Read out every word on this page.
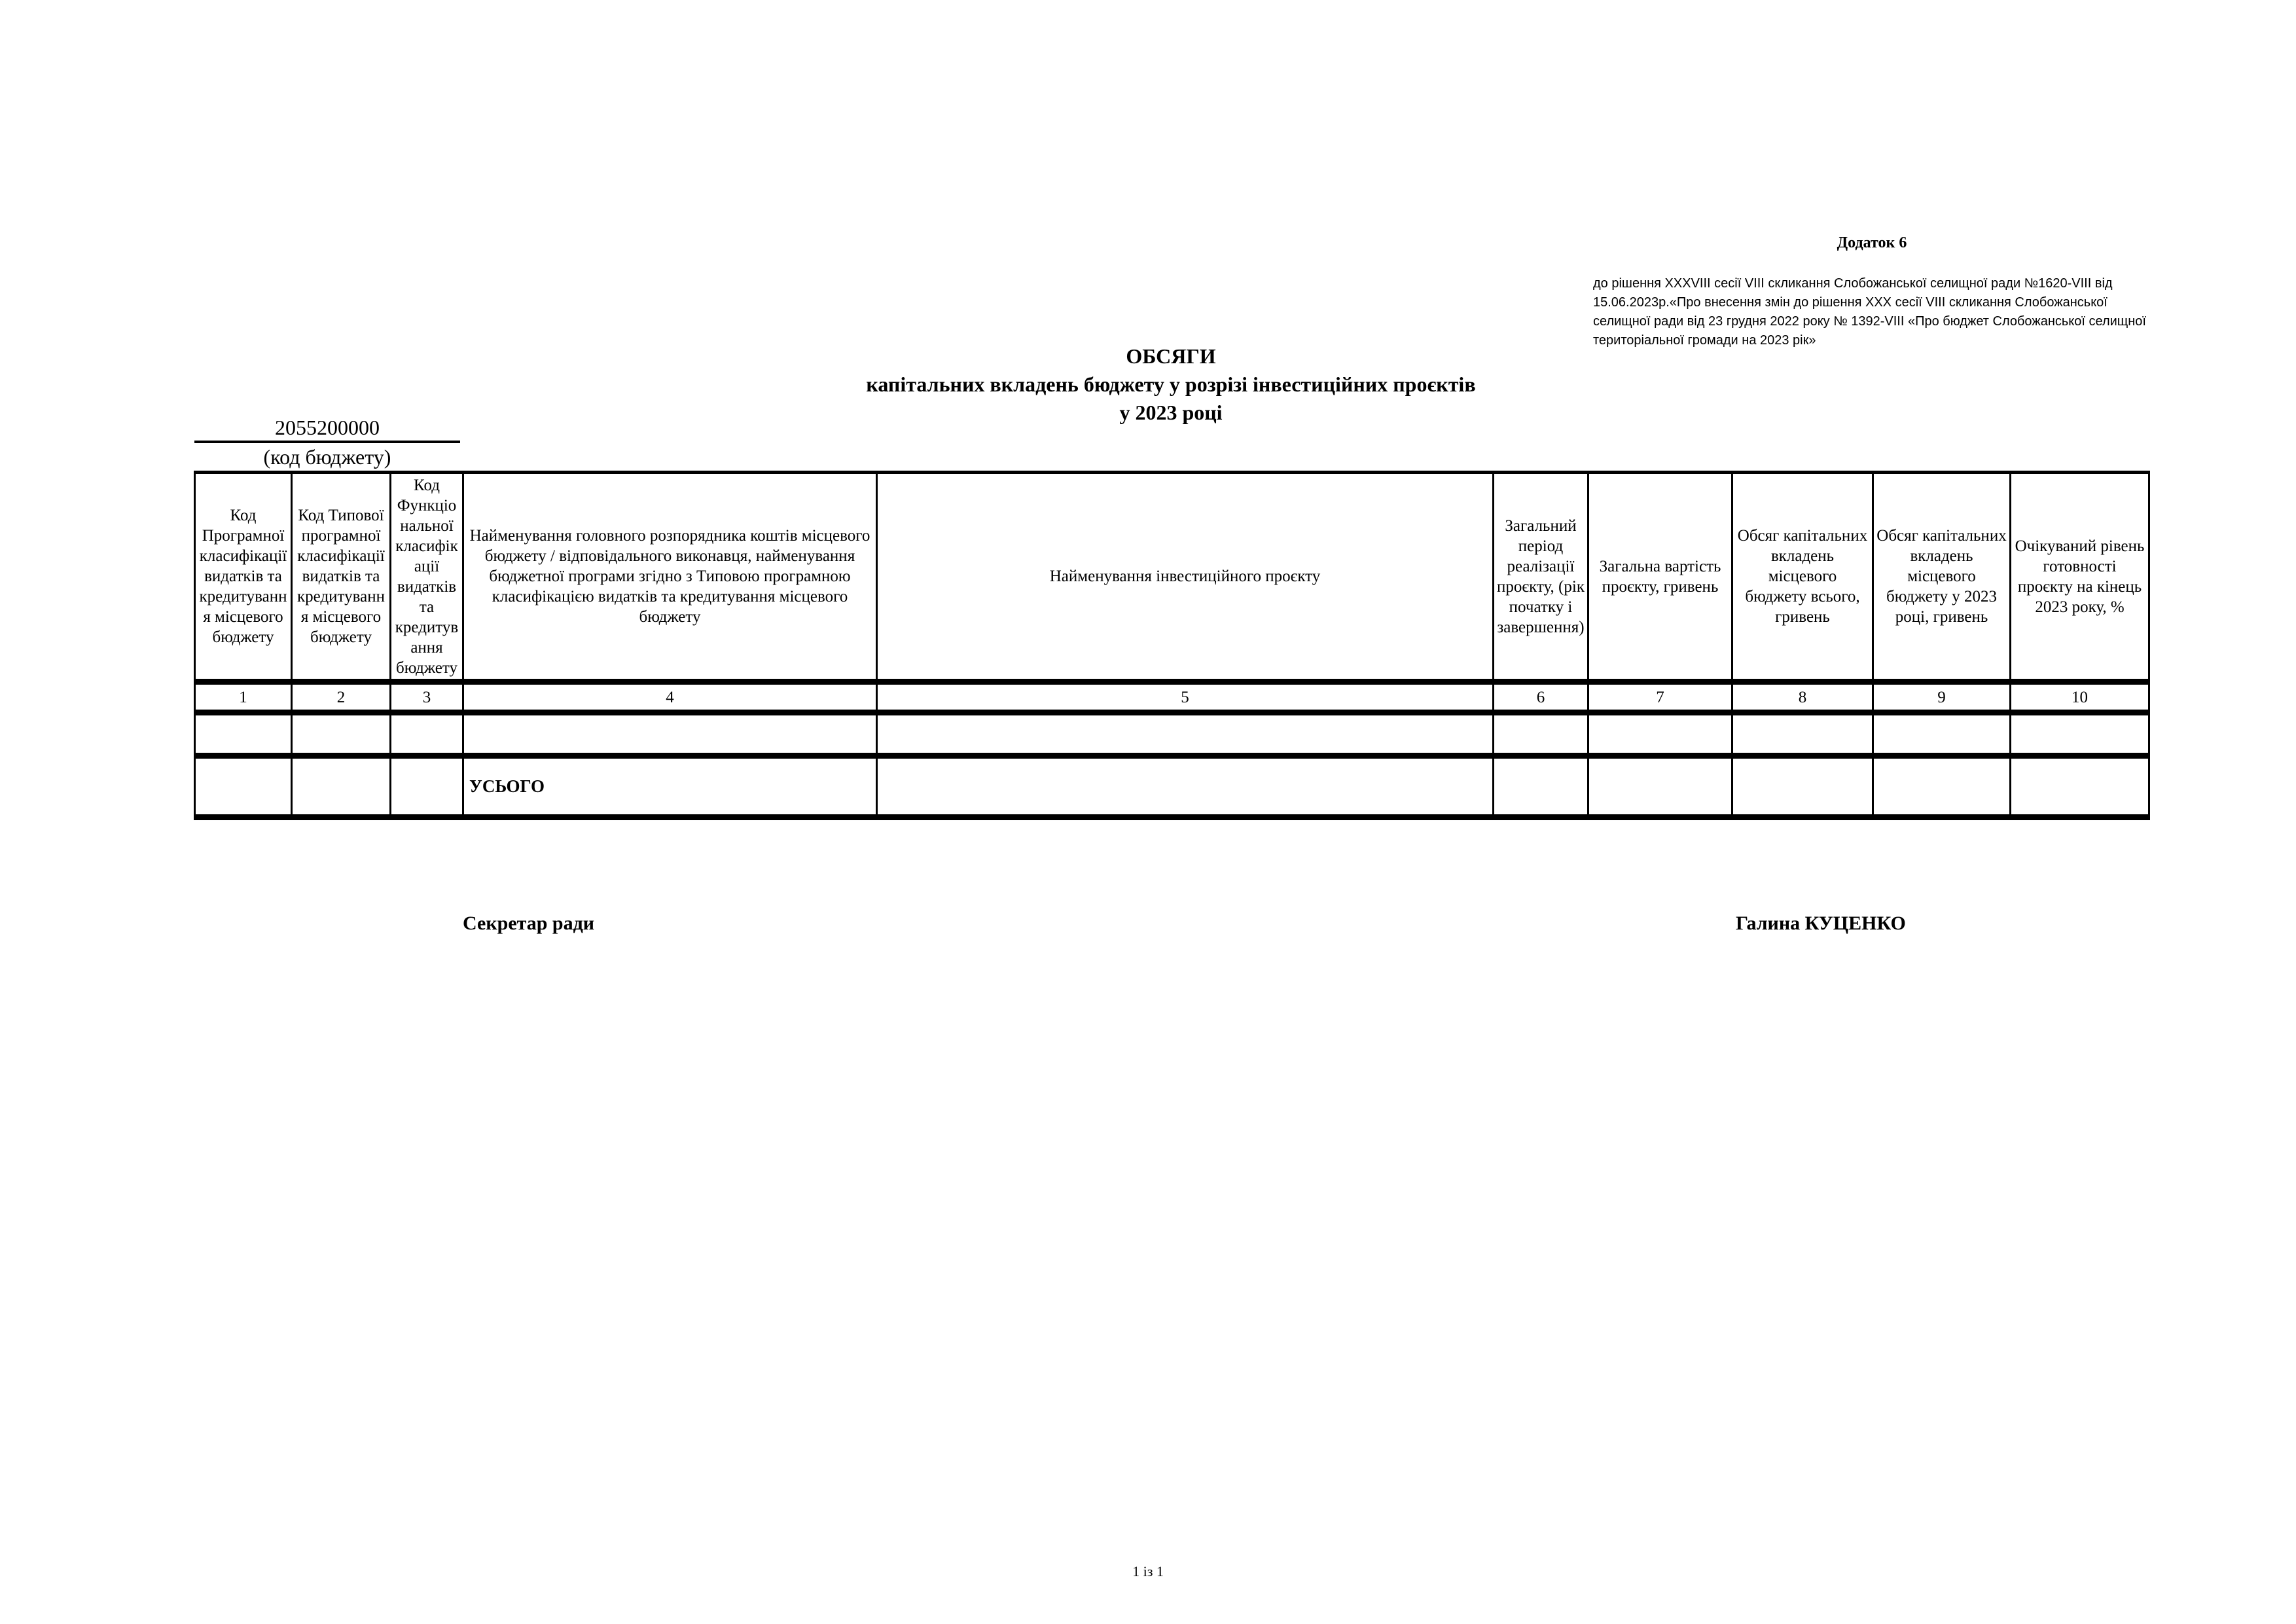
Додаток 6
до рішення XXXVIII сесії VIII скликання Слобожанської селищної ради №1620-VIII від 15.06.2023р.«Про внесення змін до рішення XXX сесії VIII скликання Слобожанської селищної ради від 23 грудня 2022 року № 1392-VIII «Про бюджет Слобожанської селищної територіальної громади на 2023 рік»
ОБСЯГИ
капітальних вкладень бюджету у розрізі інвестиційних проєктів
у 2023 році
2055200000
(код бюджету)
Код Програмної класифікації видатків та кредитування місцевого бюджету	Код Типової програмної класифікації видатків та кредитування місцевого бюджету	Код Функціональної класифікації видатків та кредитування бюджету	Найменування головного розпорядника коштів місцевого бюджету / відповідального виконавця, найменування бюджетної програми згідно з Типовою програмною класифікацією видатків та кредитування місцевого бюджету	Найменування інвестиційного проєкту	Загальний період реалізації проєкту, (рік початку і завершення)	Загальна вартість проєкту, гривень	Обсяг капітальних вкладень місцевого бюджету всього, гривень	Обсяг капітальних вкладень місцевого бюджету у 2023 році, гривень	Очікуваний рівень готовності проєкту на кінець 2023 року, %
1	2	3	4	5	6	7	8	9	10

			УСЬОГО						
Секретар ради	Галина КУЦЕНКО
1 із 1
